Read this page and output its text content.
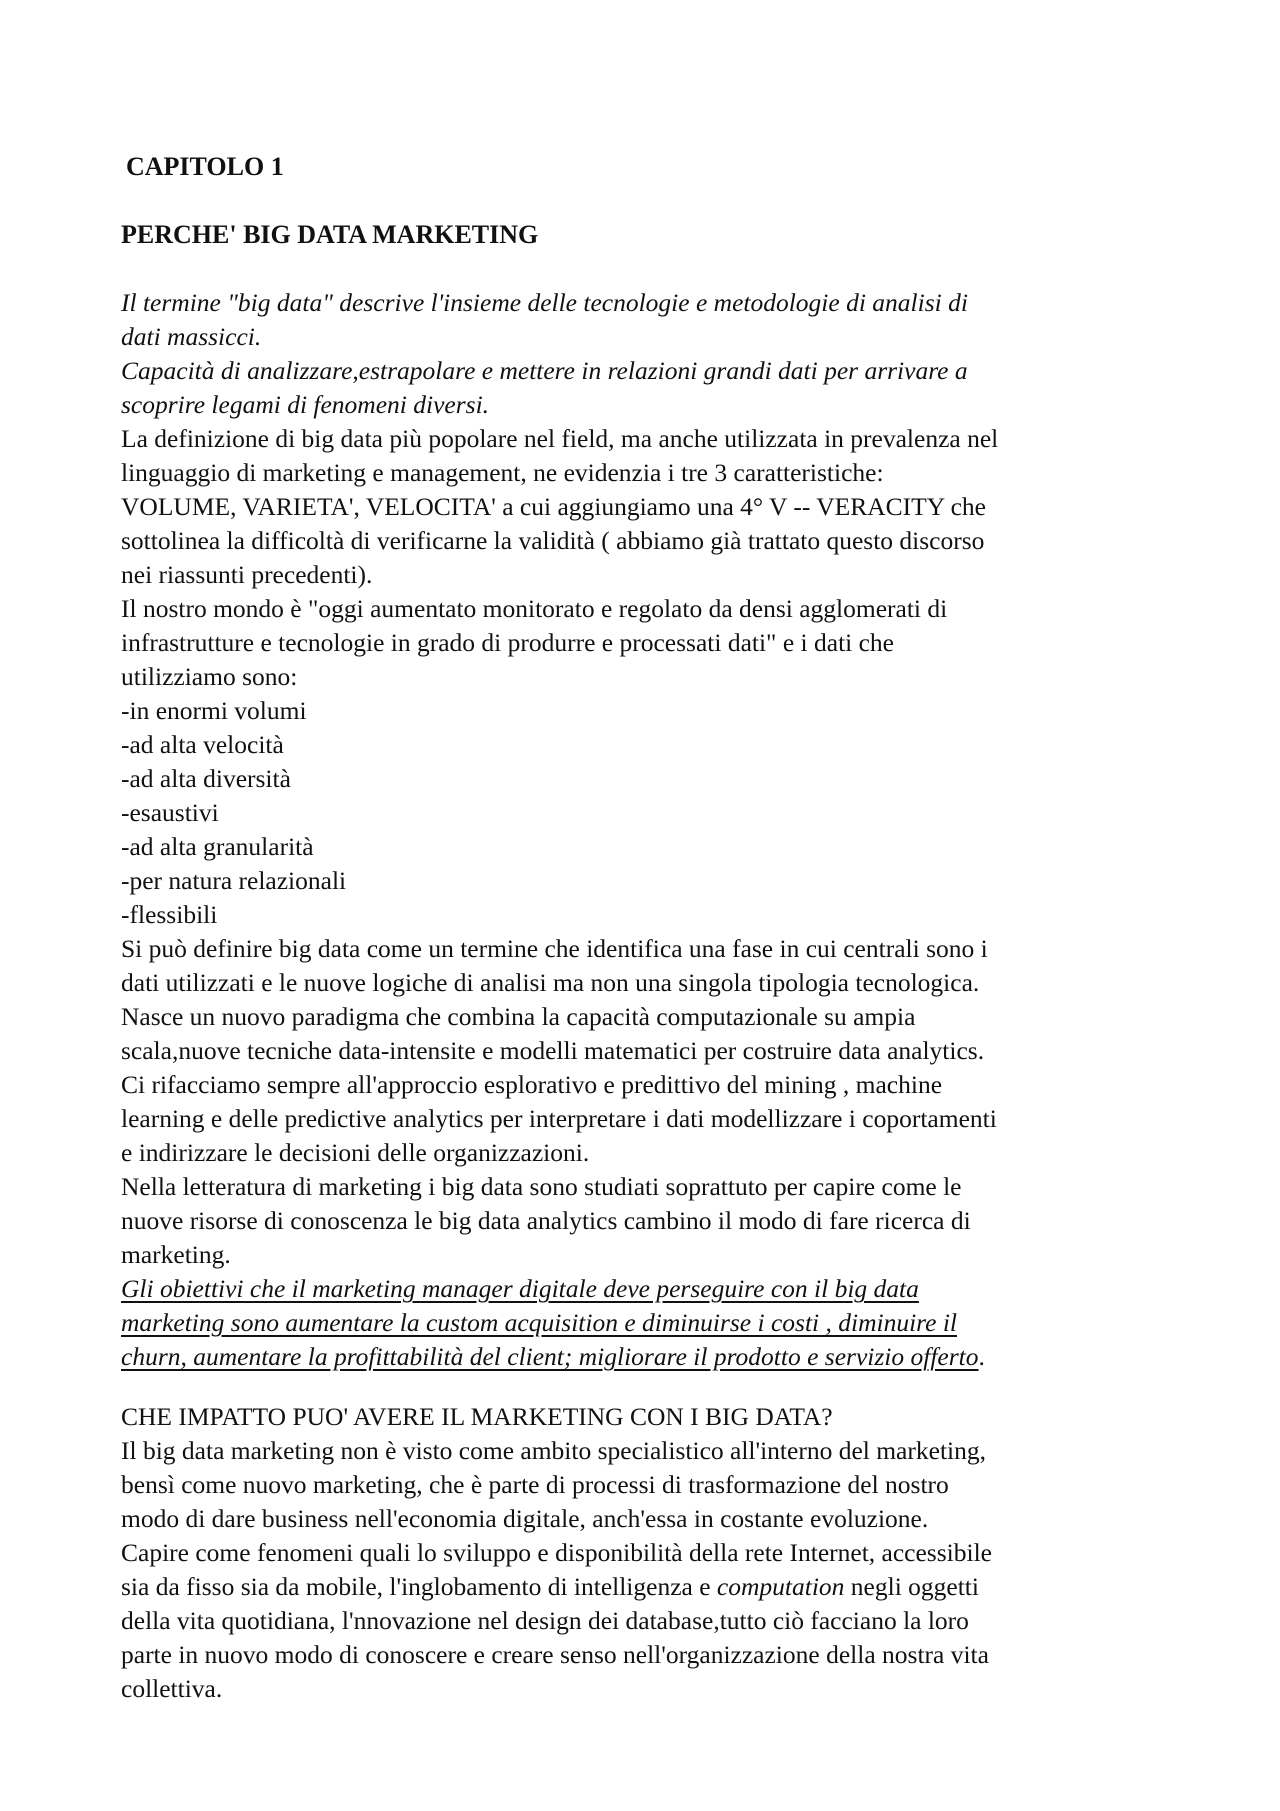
CAPITOLO 1
PERCHE' BIG DATA MARKETING
Il termine "big data" descrive l'insieme delle tecnologie e metodologie di analisi di
dati massicci.
Capacità di analizzare,estrapolare e mettere in relazioni grandi dati per arrivare a
scoprire legami di fenomeni diversi.
La definizione di big data più popolare nel field, ma anche utilizzata in prevalenza nel
linguaggio di marketing e management, ne evidenzia i tre 3 caratteristiche:
VOLUME, VARIETA', VELOCITA' a cui aggiungiamo una 4° V -- VERACITY che
sottolinea la difficoltà di verificarne la validità ( abbiamo già trattato questo discorso
nei riassunti precedenti).
Il nostro mondo è "oggi aumentato monitorato e regolato da densi agglomerati di
infrastrutture e tecnologie in grado di produrre e processati dati" e i dati che
utilizziamo sono:
-in enormi volumi
-ad alta velocità
-ad alta diversità
-esaustivi
-ad alta granularità
-per natura relazionali
-flessibili
Si può definire big data come un termine che identifica una fase in cui centrali sono i
dati utilizzati e le nuove logiche di analisi ma non una singola tipologia tecnologica.
Nasce un nuovo paradigma che combina la capacità computazionale su ampia
scala,nuove tecniche data-intensite e modelli matematici per costruire data analytics.
Ci rifacciamo sempre all'approccio esplorativo e predittivo del mining , machine
learning e delle predictive analytics per interpretare i dati modellizzare i coportamenti
e indirizzare le decisioni delle organizzazioni.
Nella letteratura di marketing i big data sono studiati soprattuto per capire come le
nuove risorse di conoscenza le big data analytics cambino il modo di fare ricerca di
marketing.
Gli obiettivi che il marketing manager digitale deve perseguire con il big data
marketing sono aumentare la custom acquisition e diminuirse i costi , diminuire il
churn, aumentare la profittabilità del client; migliorare il prodotto e servizio offerto.
CHE IMPATTO PUO' AVERE IL MARKETING CON I BIG DATA?
Il big data marketing non è visto come ambito specialistico all'interno del marketing,
bensì come nuovo marketing, che è parte di processi di trasformazione del nostro
modo di dare business nell'economia digitale, anch'essa in costante evoluzione.
Capire come fenomeni quali lo sviluppo e disponibilità della rete Internet, accessibile
sia da fisso sia da mobile, l'inglobamento di intelligenza e computation negli oggetti
della vita quotidiana, l'nnovazione nel design dei database,tutto ciò facciano la loro
parte in nuovo modo di conoscere e creare senso nell'organizzazione della nostra vita
collettiva.
